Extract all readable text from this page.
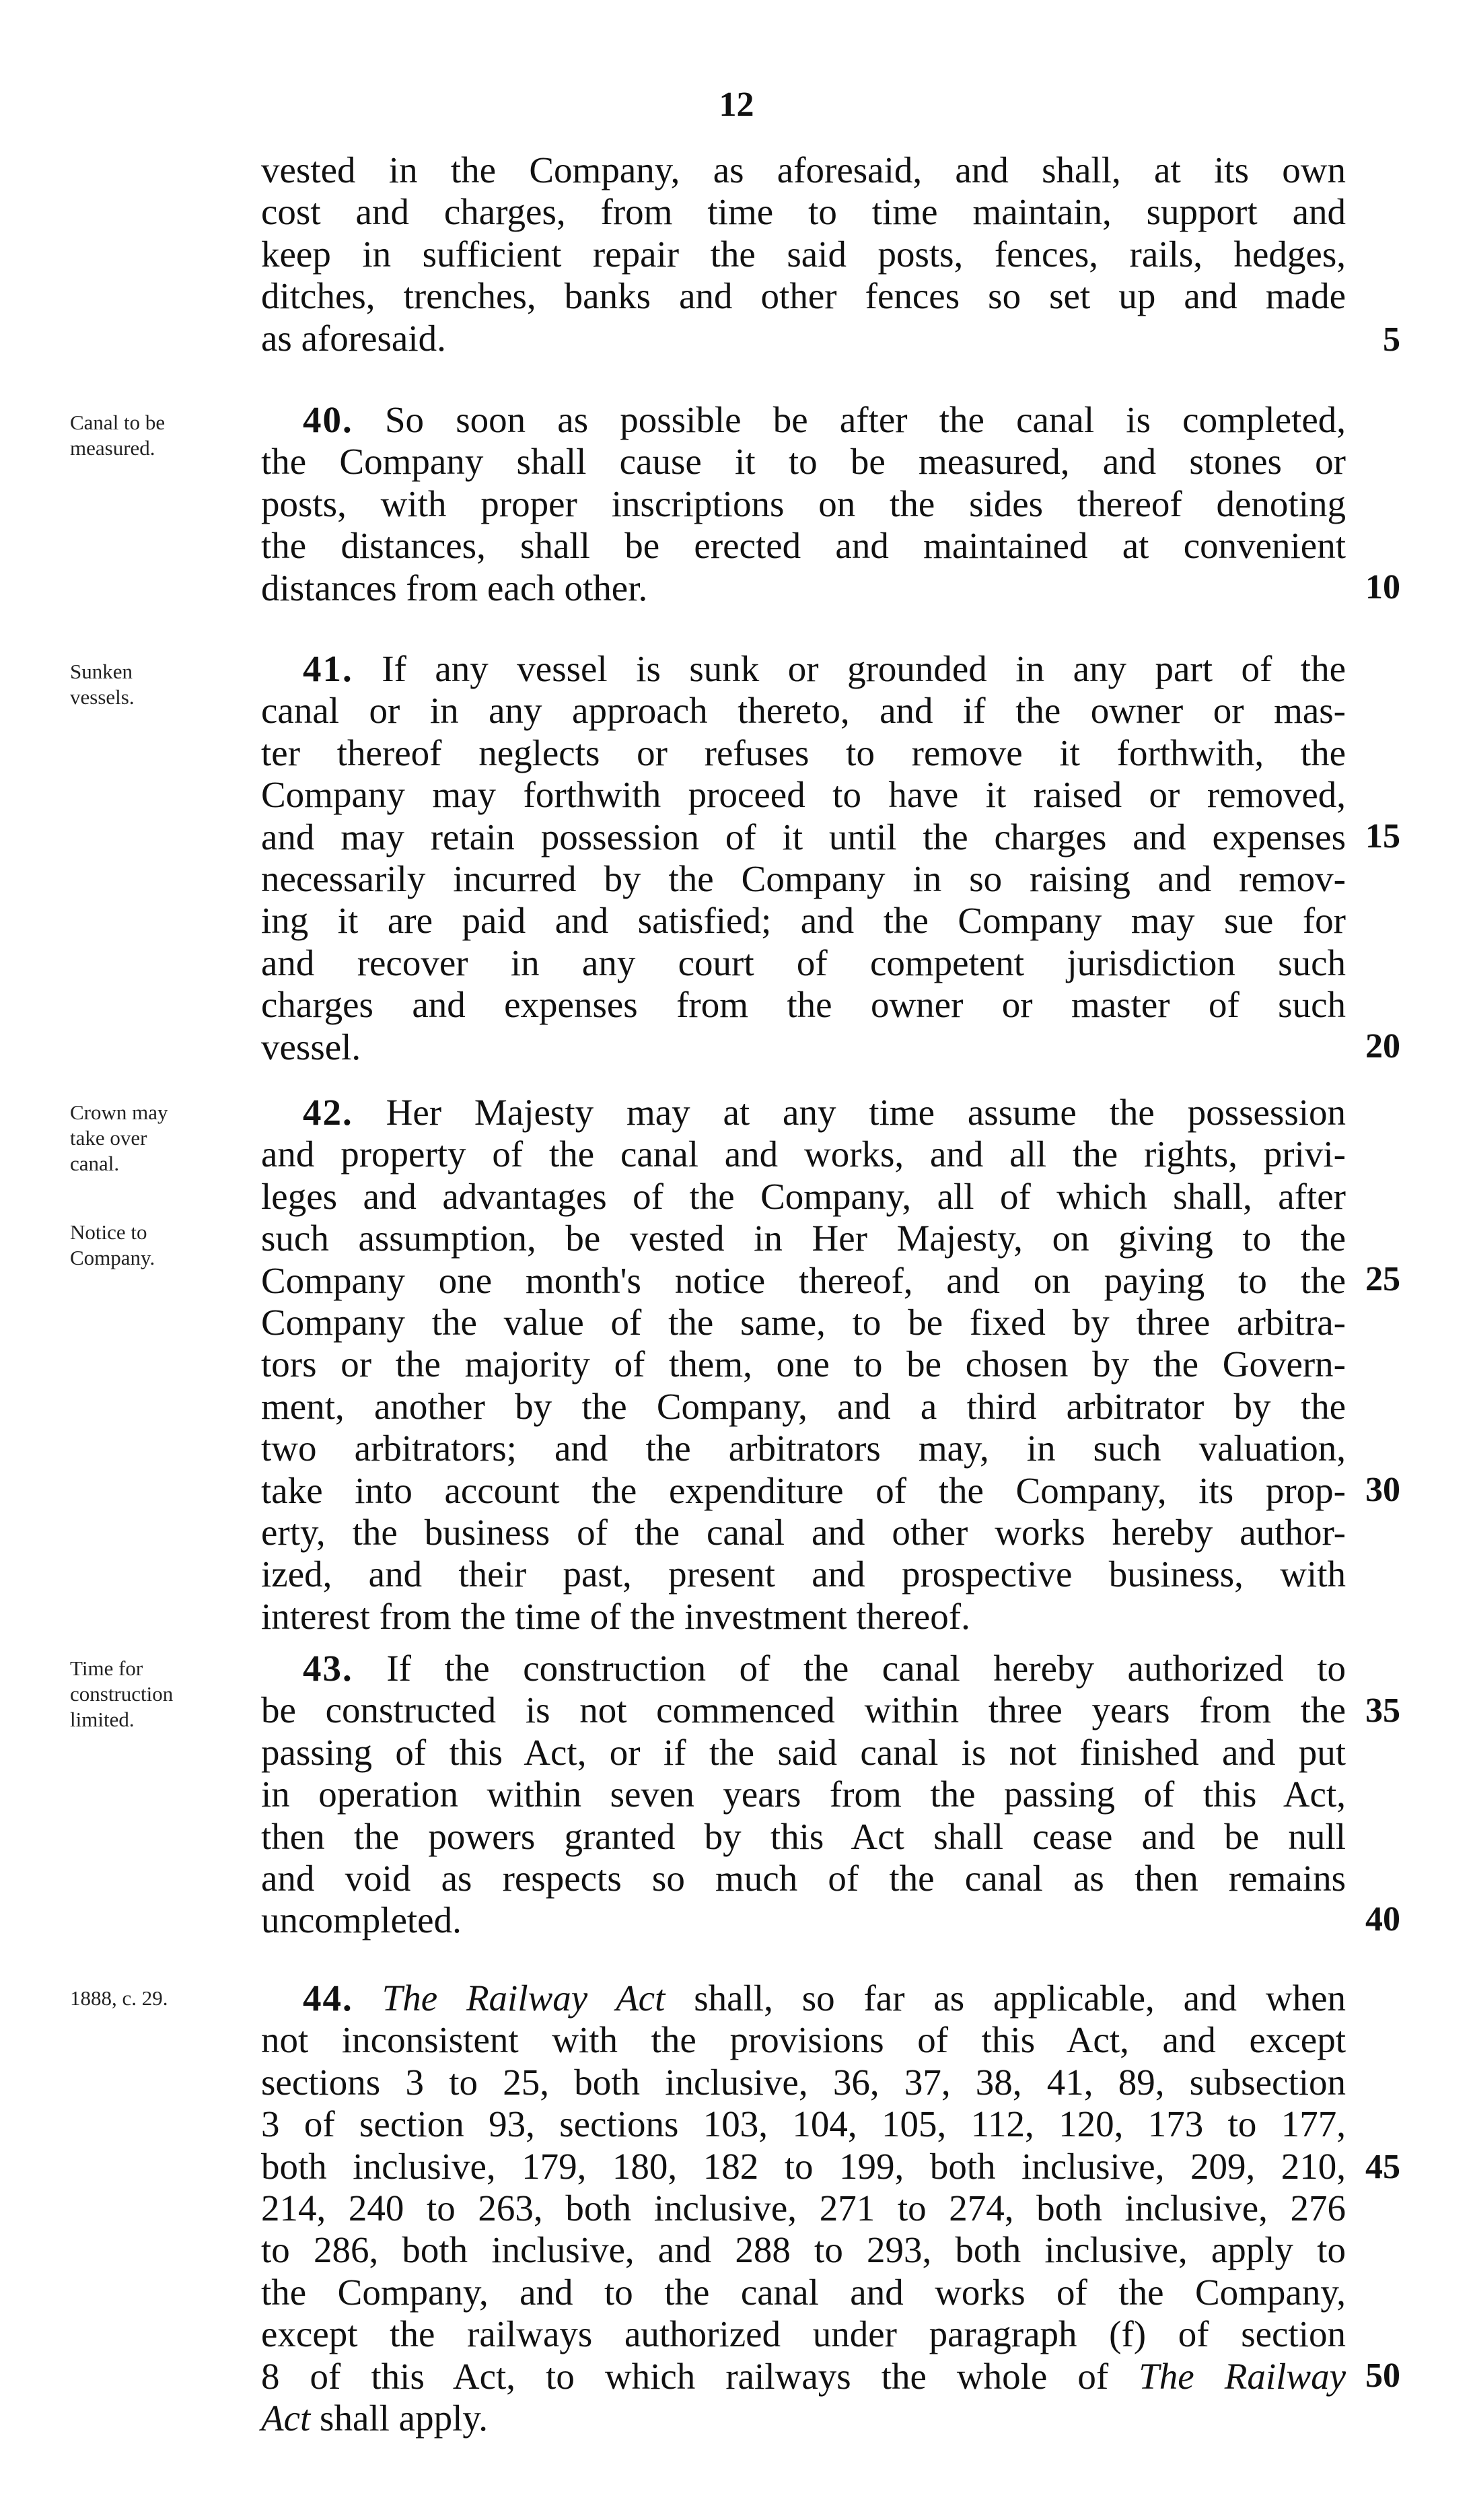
12
vested in the Company, as aforesaid, and shall, at its own
cost and charges, from time to time maintain, support and
keep in sufficient repair the said posts, fences, rails, hedges,
ditches, trenches, banks and other fences so set up and made
as aforesaid.
Canal to be
measured.
40. So soon as possible be after the canal is completed,
the Company shall cause it to be measured, and stones or
posts, with proper inscriptions on the sides thereof denoting
the distances, shall be erected and maintained at convenient
distances from each other.
Sunken
vessels.
41. If any vessel is sunk or grounded in any part of the
canal or in any approach thereto, and if the owner or mas-
ter thereof neglects or refuses to remove it forthwith, the
Company may forthwith proceed to have it raised or removed,
and may retain possession of it until the charges and expenses
necessarily incurred by the Company in so raising and remov-
ing it are paid and satisfied; and the Company may sue for
and recover in any court of competent jurisdiction such
charges and expenses from the owner or master of such
vessel.
Crown may
take over
canal.
Notice to
Company.
42. Her Majesty may at any time assume the possession
and property of the canal and works, and all the rights, privi-
leges and advantages of the Company, all of which shall, after
such assumption, be vested in Her Majesty, on giving to the
Company one month's notice thereof, and on paying to the
Company the value of the same, to be fixed by three arbitra-
tors or the majority of them, one to be chosen by the Govern-
ment, another by the Company, and a third arbitrator by the
two arbitrators; and the arbitrators may, in such valuation,
take into account the expenditure of the Company, its prop-
erty, the business of the canal and other works hereby author-
ized, and their past, present and prospective business, with
interest from the time of the investment thereof.
Time for
construction
limited.
43. If the construction of the canal hereby authorized to
be constructed is not commenced within three years from the
passing of this Act, or if the said canal is not finished and put
in operation within seven years from the passing of this Act,
then the powers granted by this Act shall cease and be null
and void as respects so much of the canal as then remains
uncompleted.
1888, c. 29.	44. The Railway Act shall, so far as applicable, and when
not inconsistent with the provisions of this Act, and except
sections 3 to 25, both inclusive, 36, 37, 38, 41, 89, subsection
3 of section 93, sections 103, 104, 105, 112, 120, 173 to 177,
both inclusive, 179, 180, 182 to 199, both inclusive, 209, 210,
214, 240 to 263, both inclusive, 271 to 274, both inclusive, 276
to 286, both inclusive, and 288 to 293, both inclusive, apply to
the Company, and to the canal and works of the Company,
except the railways authorized under paragraph (f) of section
8 of this Act, to which railways the whole of The Railway
Act shall apply.
5
10
15
20
25
30
35
40
45
50
